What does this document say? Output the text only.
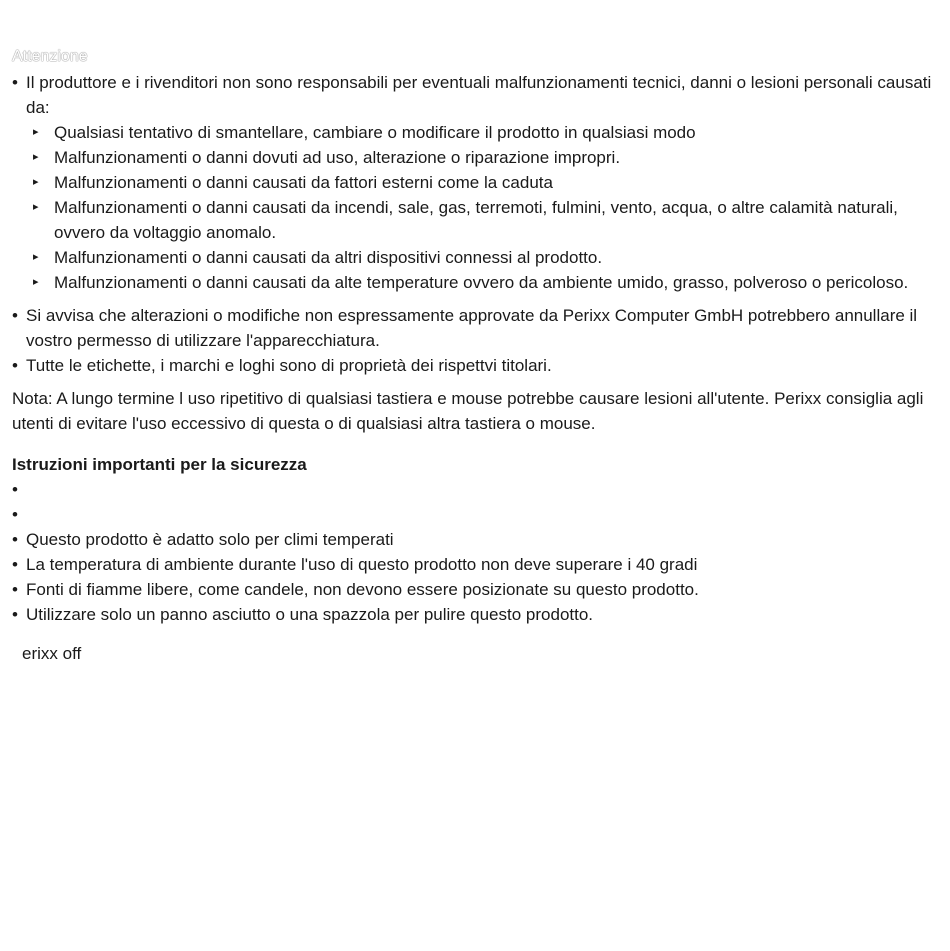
Attenzione
• Il produttore e i rivenditori non sono responsabili per eventuali malfunzionamenti tecnici, danni o lesioni personali causati da:
▸ Qualsiasi tentativo di smantellare, cambiare o modificare il prodotto in qualsiasi modo
▸ Malfunzionamenti o danni dovuti ad uso, alterazione o riparazione impropri.
▸ Malfunzionamenti o danni causati da fattori esterni come la caduta
▸ Malfunzionamenti o danni causati da incendi, sale, gas, terremoti, fulmini, vento, acqua, o altre calamità naturali, ovvero da voltaggio anomalo.
▸ Malfunzionamenti o danni causati da altri dispositivi connessi al prodotto.
▸ Malfunzionamenti o danni causati da alte temperature ovvero da ambiente umido, grasso, polveroso o pericoloso.
• Si avvisa che alterazioni o modifiche non espressamente approvate da Perixx Computer GmbH potrebbero annullare il vostro permesso di utilizzare l'apparecchiatura.
• Tutte le etichette, i marchi e loghi sono di proprietà dei rispettvi titolari.
Nota: A lungo termine l uso ripetitivo di qualsiasi tastiera e mouse potrebbe causare lesioni all'utente. Perixx consiglia agli utenti di evitare l'uso eccessivo di questa o di qualsiasi altra tastiera o mouse.
Istruzioni importanti per la sicurezza
•

•

• Questo prodotto è adatto solo per climi temperati
• La temperatura di ambiente durante l'uso di questo prodotto non deve superare i 40 gradi
• Fonti di fiamme libere, come candele, non devono essere posizionate su questo prodotto.
• Utilizzare solo un panno asciutto o una spazzola per pulire questo prodotto.
erixx off
